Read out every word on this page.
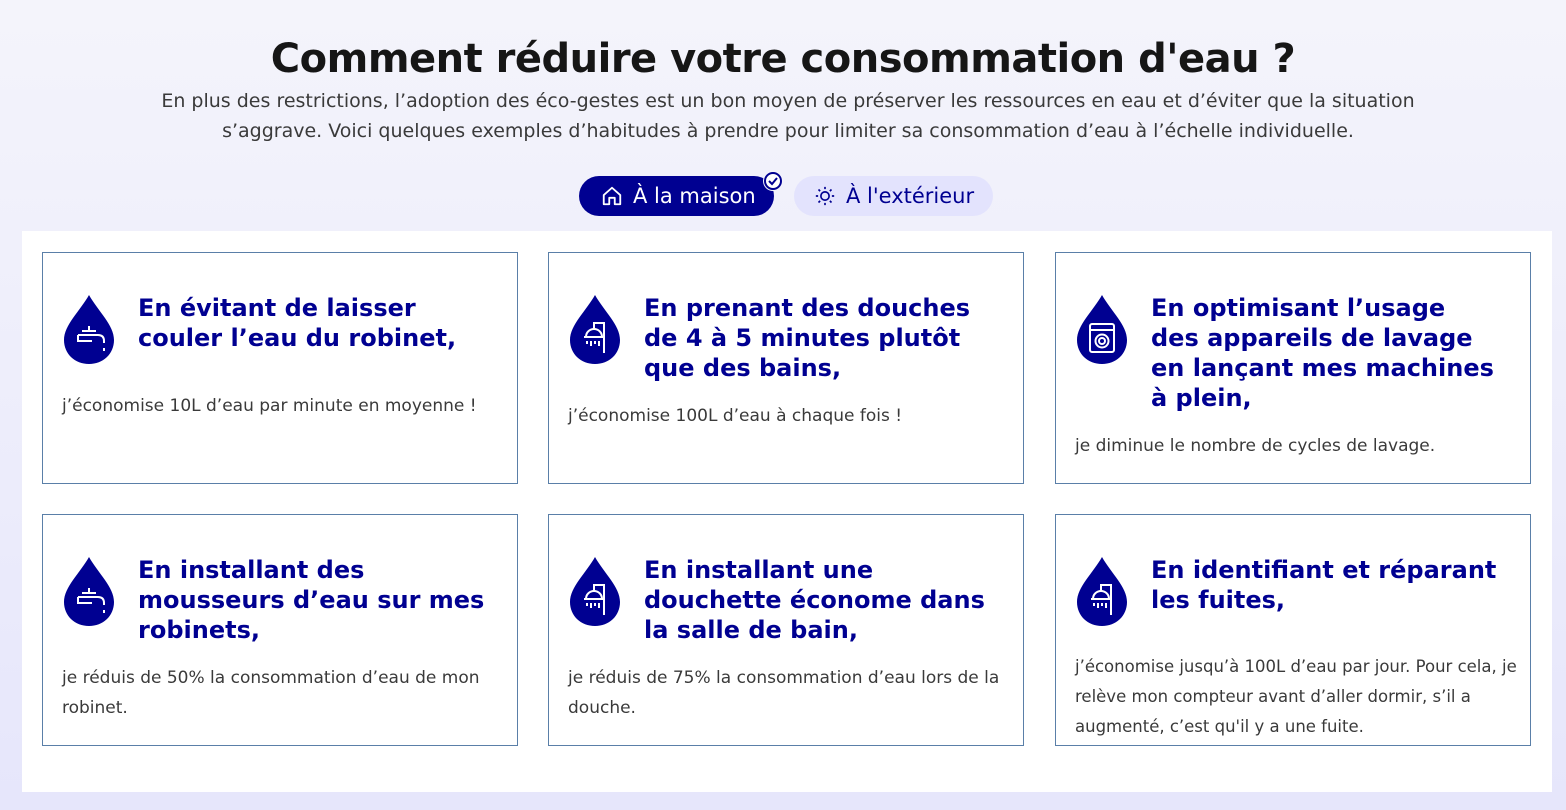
Comment réduire votre consommation d'eau ?

En plus des restrictions, l’adoption des éco-gestes est un bon moyen de préserver les ressources en eau et d’éviter que la situation s’aggrave. Voici quelques exemples d’habitudes à prendre pour limiter sa consommation d’eau à l’échelle individuelle.

À la maison	À l'extérieur
En évitant de laisser couler l’eau du robinet,
j’économise 10L d’eau par minute en moyenne !
En prenant des douches de 4 à 5 minutes plutôt que des bains,
j’économise 100L d’eau à chaque fois !
En optimisant l’usage des appareils de lavage en lançant mes machines à plein,
je diminue le nombre de cycles de lavage.
En installant des mousseurs d’eau sur mes robinets,
je réduis de 50% la consommation d’eau de mon robinet.
En installant une douchette économe dans la salle de bain,
je réduis de 75% la consommation d’eau lors de la douche.
En identifiant et réparant les fuites,
j’économise jusqu’à 100L d’eau par jour. Pour cela, je relève mon compteur avant d’aller dormir, s’il a augmenté, c’est qu'il y a une fuite.
